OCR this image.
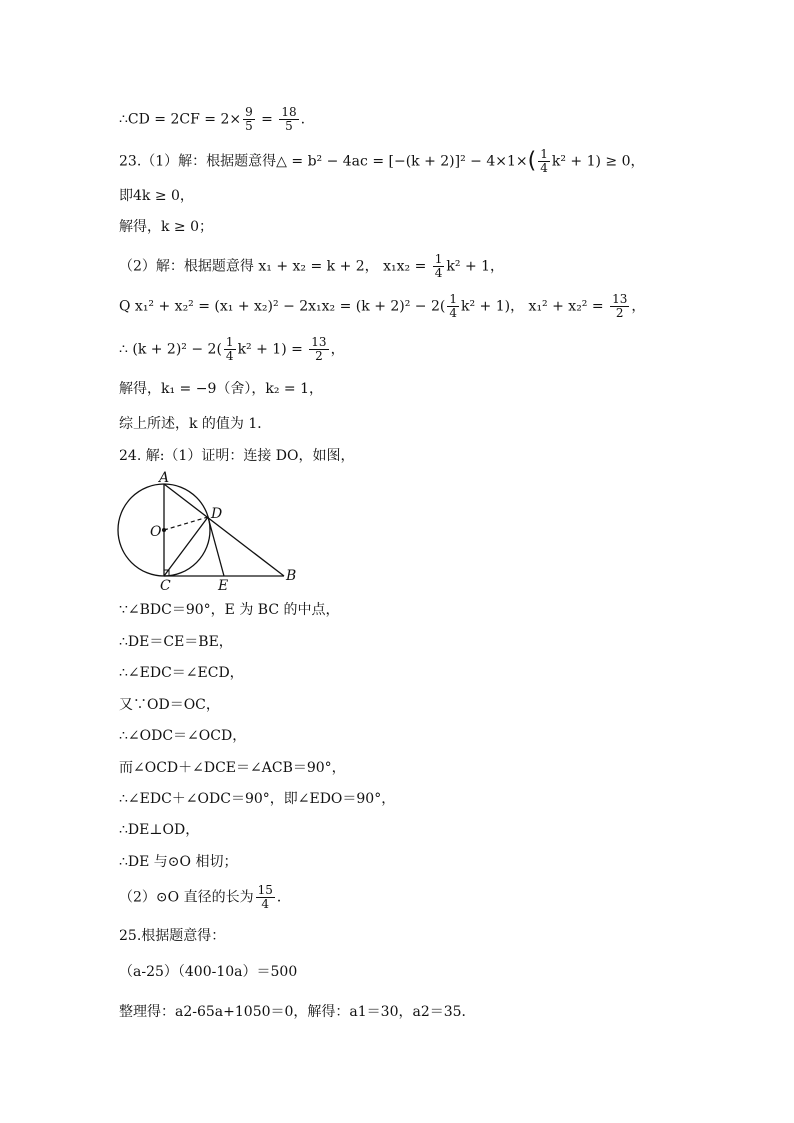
∴CD = $2CF = 2\times \frac{9}{5} = \frac{18}{5}$ .
23.（1）解：根据题意得△ = $b^2 - 4ac = [-(k + 2)]^2 - 4\times 1\times( \frac{1}{4} k^2 + 1) \ge 0$，
即4k ≥ 0，
解得，k ≥ 0；
（2）解：根据题意得 x₁ + x₂ = k + 2， $x_1x_2 = \frac{1}{4} k^2 + 1$，
Q $x_1^2 + x_2^2 = (x_1 + x_2)^2 - 2x_1x_2 = (k + 2)^2 - 2( \frac{1}{4} k^2 + 1)$， $x_1^2 + x_2^2 = \frac{13}{2}$ ，
∴ $(k + 2)^2 - 2( \frac{1}{4} k^2 + 1) = \frac{13}{2}$ ，
解得，k₁ = −9（舍），k₂ = 1，
综上所述，k 的值为 1．
24. 解:（1）证明：连接 DO，如图，
A
D
O
C	E
B
∵∠BDC＝90°，E 为 BC 的中点，
∴DE＝CE＝BE，
∴∠EDC＝∠ECD，
又∵OD＝OC，
∴∠ODC＝∠OCD，
而∠OCD＋∠DCE＝∠ACB＝90°，
∴∠EDC＋∠ODC＝90°，即∠EDO＝90°，
∴DE⊥OD，
∴DE 与⊙O 相切；
（2）⊙O 直径的长为 $\frac{15}{4}$ ．
25.根据题意得：
（a-25）（400-10a）＝500
整理得：a2-65a+1050＝0，解得：a1＝30，a2＝35．
